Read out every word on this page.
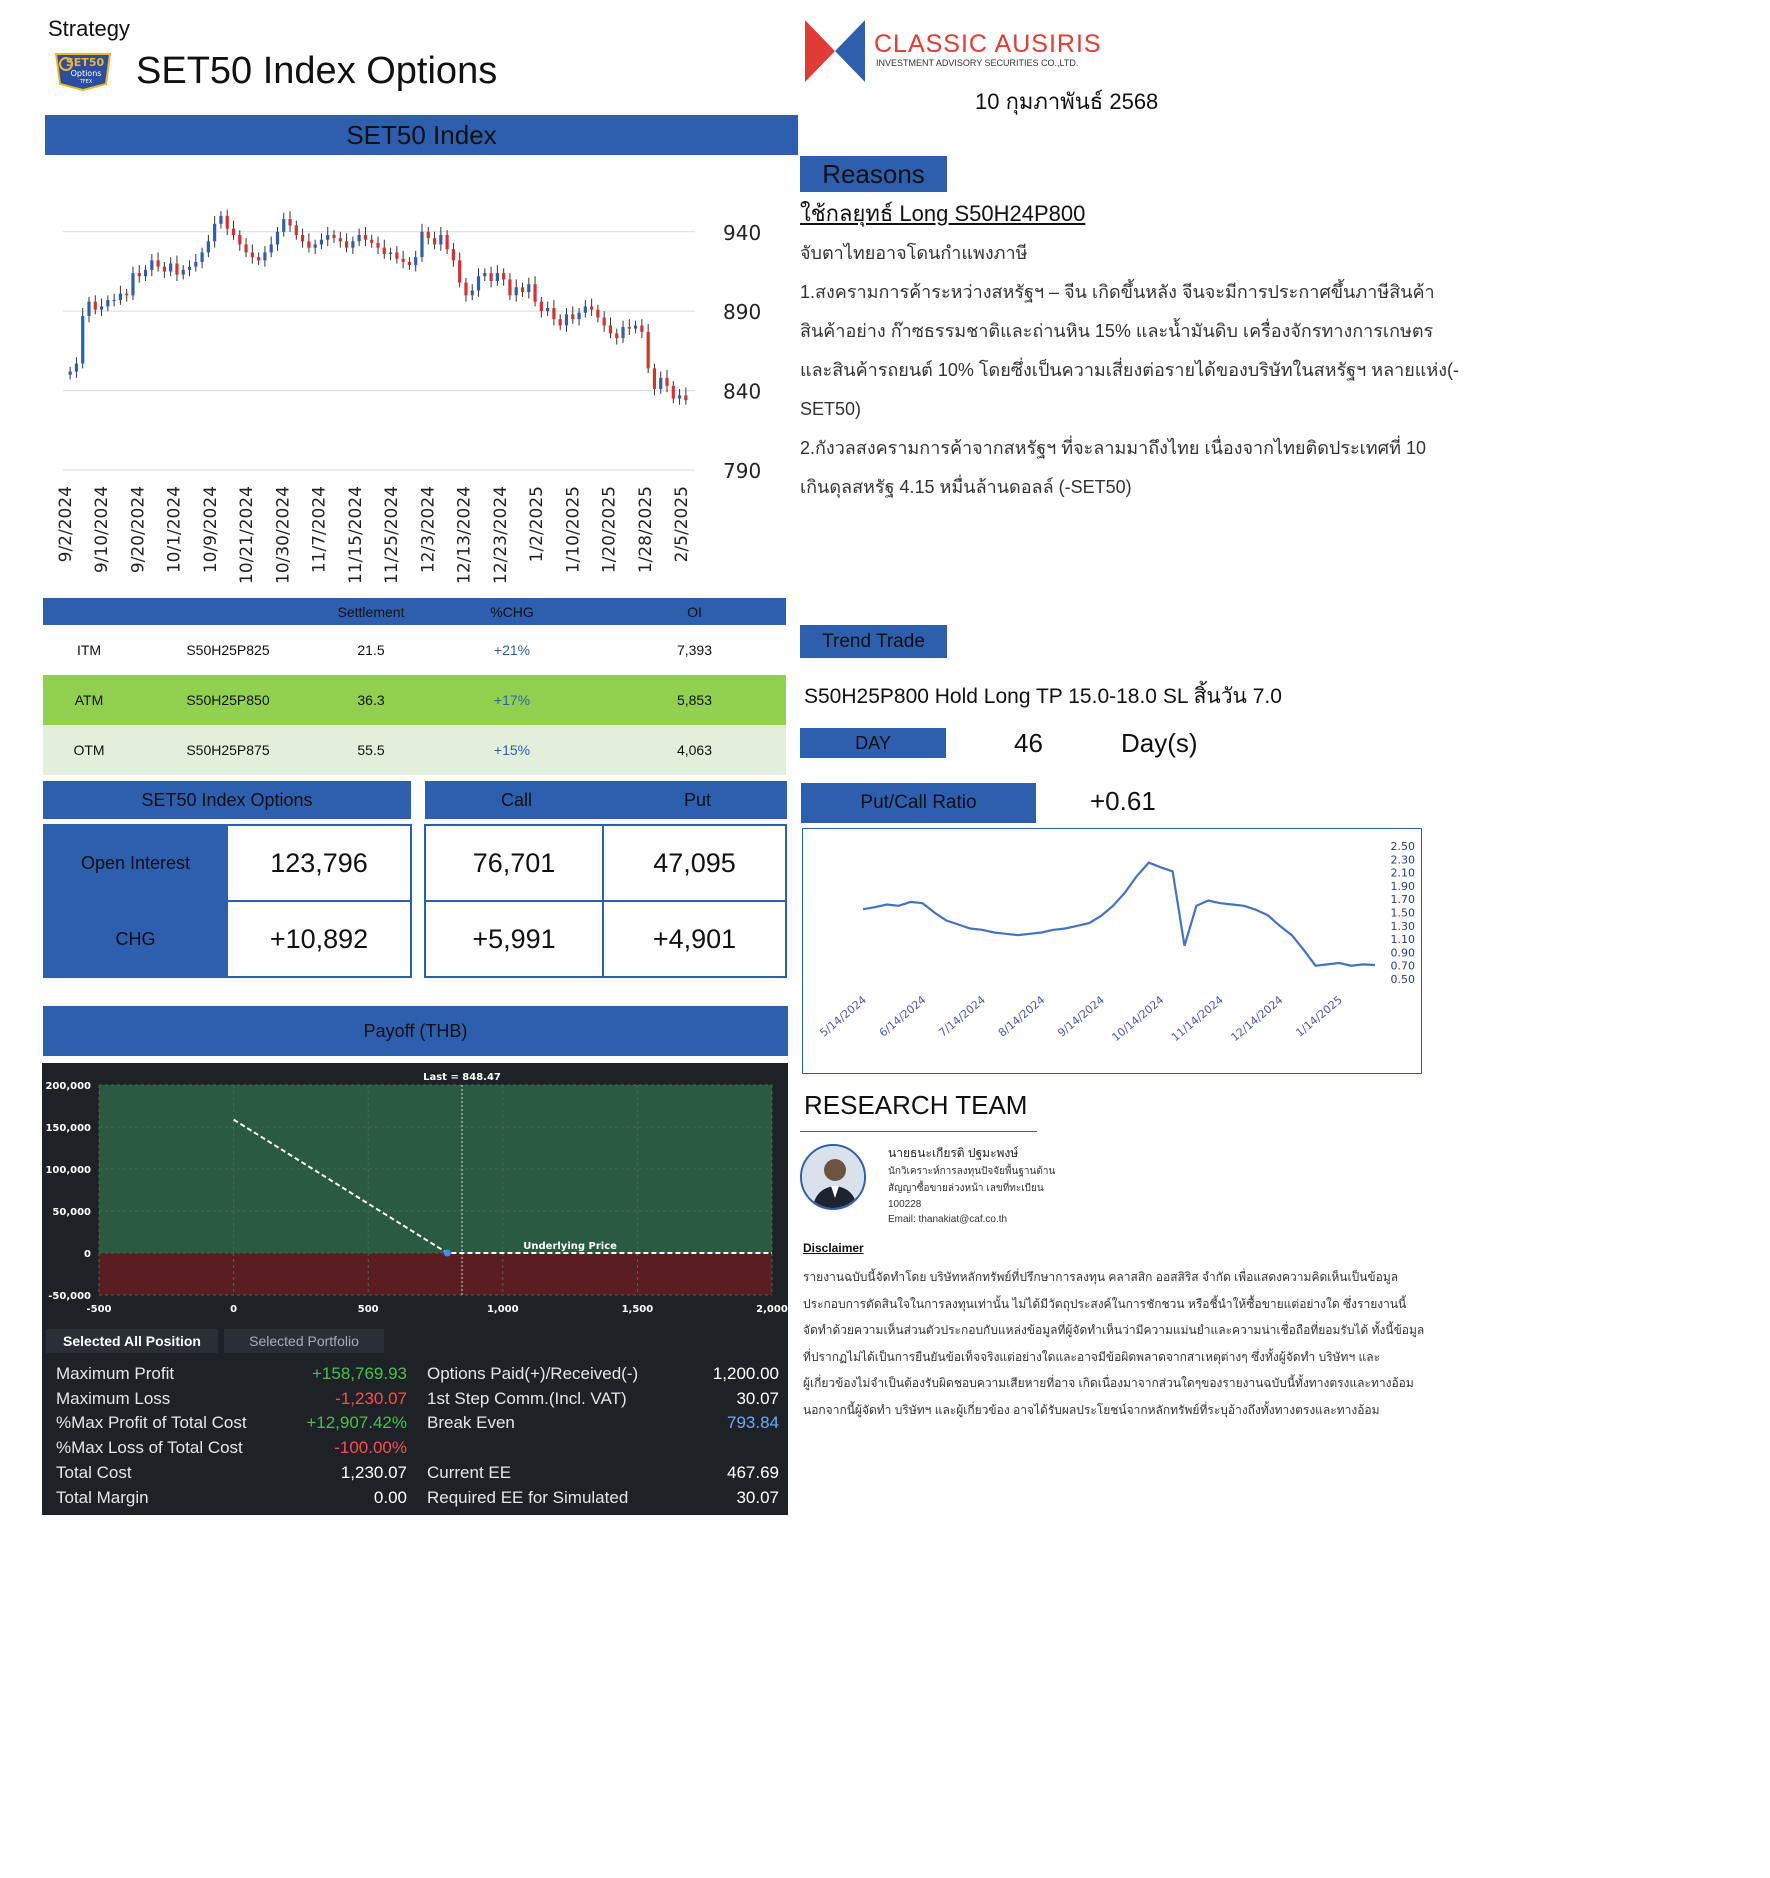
Strategy
SET50
Options
TFEX SET50 Index Options
CLASSIC AUSIRIS
INVESTMENT ADVISORY SECURITIES CO.,LTD.
10 กุมภาพันธ์ 2568
SET50 Index
790
840
890
940
9/2/2024 9/10/2024 9/20/2024 10/1/2024 10/9/2024 10/21/2024 10/30/2024 11/7/2024 11/15/2024 11/25/2024 12/3/2024 12/13/2024 12/23/2024 1/2/2025 1/10/2025 1/20/2025 1/28/2025 2/5/2025
Reasons
ใช้กลยุทธ์ Long S50H24P800

จับตาไทยอาจโดนกำแพงภาษี

1.สงครามการค้าระหว่างสหรัฐฯ – จีน เกิดขึ้นหลัง จีนจะมีการประกาศขึ้นภาษีสินค้า

สินค้าอย่าง ก๊าซธรรมชาติและถ่านหิน 15% และน้ำมันดิบ เครื่องจักรทางการเกษตร

และสินค้ารถยนต์ 10% โดยซึ่งเป็นความเสี่ยงต่อรายได้ของบริษัทในสหรัฐฯ หลายแห่ง(-

SET50)

2.กังวลสงครามการค้าจากสหรัฐฯ ที่จะลามมาถึงไทย เนื่องจากไทยติดประเทศที่ 10

เกินดุลสหรัฐ 4.15 หมื่นล้านดอลล์ (-SET50)

		Settlement	%CHG	OI
ITM	S50H25P825	21.5	+21%	7,393
ATM	S50H25P850	36.3	+17%	5,853
OTM	S50H25P875	55.5	+15%	4,063
SET50 Index Options	Call	Put
Open Interest	123,796	76,701	47,095
CHG	+10,892	+5,991	+4,901
Trend Trade
S50H25P800 Hold Long TP 15.0-18.0 SL สิ้นวัน 7.0
DAY	46	Day(s)
Put/Call Ratio	+0.61
0.50
0.70
0.90
1.10
1.30
1.50
1.70
1.90
2.10
2.30
2.50
5/14/2024 6/14/2024 7/14/2024 8/14/2024 9/14/2024 10/14/2024 11/14/2024 12/14/2024 1/14/2025
Payoff (THB)
-500	0	500	1,000	1,500	2,000
-50,000
0
50,000
100,000
150,000
200,000
Last = 848.47
Underlying Price
Selected All Position	Selected Portfolio
Maximum Profit	+158,769.93
Maximum Loss	-1,230.07
%Max Profit of Total Cost	+12,907.42%
%Max Loss of Total Cost	-100.00%
Total Cost	1,230.07
Total Margin	0.00
Options Paid(+)/Received(-)	1,200.00
1st Step Comm.(Incl. VAT)	30.07
Break Even	793.84
Current EE	467.69
Required EE for Simulated	30.07
RESEARCH TEAM
นายธนะเกียรติ ปฐมะพงษ์
นักวิเคราะห์การลงทุนปัจจัยพื้นฐานด้าน
สัญญาซื้อขายล่วงหน้า เลขที่ทะเบียน
100228
Email: thanakiat@caf.co.th
Disclaimer
รายงานฉบับนี้จัดทำโดย บริษัทหลักทรัพย์ที่ปรึกษาการลงทุน คลาสสิก ออสสิริส จำกัด เพื่อแสดงความคิดเห็นเป็นข้อมูล
ประกอบการตัดสินใจในการลงทุนเท่านั้น ไม่ได้มีวัตถุประสงค์ในการชักชวน หรือชี้นำให้ซื้อขายแต่อย่างใด ซึ่งรายงานนี้
จัดทำด้วยความเห็นส่วนตัวประกอบกับแหล่งข้อมูลที่ผู้จัดทำเห็นว่ามีความแม่นยำและความน่าเชื่อถือที่ยอมรับได้ ทั้งนี้ข้อมูล
ที่ปรากฏไม่ได้เป็นการยืนยันข้อเท็จจริงแต่อย่างใดและอาจมีข้อผิดพลาดจากสาเหตุต่างๆ ซึ่งทั้งผู้จัดทำ บริษัทฯ และ
ผู้เกี่ยวข้องไม่จำเป็นต้องรับผิดชอบความเสียหายที่อาจ เกิดเนื่องมาจากส่วนใดๆของรายงานฉบับนี้ทั้งทางตรงและทางอ้อม
นอกจากนี้ผู้จัดทำ บริษัทฯ และผู้เกี่ยวข้อง อาจได้รับผลประโยชน์จากหลักทรัพย์ที่ระบุอ้างถึงทั้งทางตรงและทางอ้อม
